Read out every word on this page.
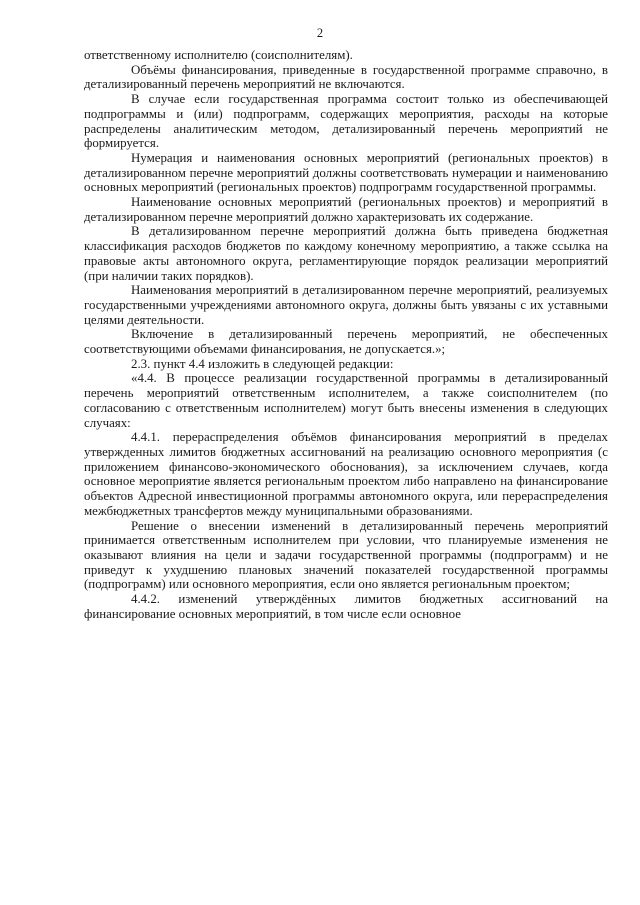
2

ответственному исполнителю (соисполнителям).

Объёмы финансирования, приведенные в государственной программе справочно, в детализированный перечень мероприятий не включаются.

В случае если государственная программа состоит только из обеспечивающей подпрограммы и (или) подпрограмм, содержащих мероприятия, расходы на которые распределены аналитическим методом, детализированный перечень мероприятий не формируется.

Нумерация и наименования основных мероприятий (региональных проектов) в детализированном перечне мероприятий должны соответствовать нумерации и наименованию основных мероприятий (региональных проектов) подпрограмм государственной программы.

Наименование основных мероприятий (региональных проектов) и мероприятий в детализированном перечне мероприятий должно характеризовать их содержание.

В детализированном перечне мероприятий должна быть приведена бюджетная классификация расходов бюджетов по каждому конечному мероприятию, а также ссылка на правовые акты автономного округа, регламентирующие порядок реализации мероприятий (при наличии таких порядков).

Наименования мероприятий в детализированном перечне мероприятий, реализуемых государственными учреждениями автономного округа, должны быть увязаны с их уставными целями деятельности.

Включение в детализированный перечень мероприятий, не обеспеченных соответствующими объемами финансирования, не допускается.»;

2.3. пункт 4.4 изложить в следующей редакции:

«4.4. В процессе реализации государственной программы в детализированный перечень мероприятий ответственным исполнителем, а также соисполнителем (по согласованию с ответственным исполнителем) могут быть внесены изменения в следующих случаях:

4.4.1. перераспределения объёмов финансирования мероприятий в пределах утвержденных лимитов бюджетных ассигнований на реализацию основного мероприятия (с приложением финансово-экономического обоснования), за исключением случаев, когда основное мероприятие является региональным проектом либо направлено на финансирование объектов Адресной инвестиционной программы автономного округа, или перераспределения межбюджетных трансфертов между муниципальными образованиями.

Решение о внесении изменений в детализированный перечень мероприятий принимается ответственным исполнителем при условии, что планируемые изменения не оказывают влияния на цели и задачи государственной программы (подпрограмм) и не приведут к ухудшению плановых значений показателей государственной программы (подпрограмм) или основного мероприятия, если оно является региональным проектом;

4.4.2. изменений утверждённых лимитов бюджетных ассигнований на финансирование основных мероприятий, в том числе если основное
